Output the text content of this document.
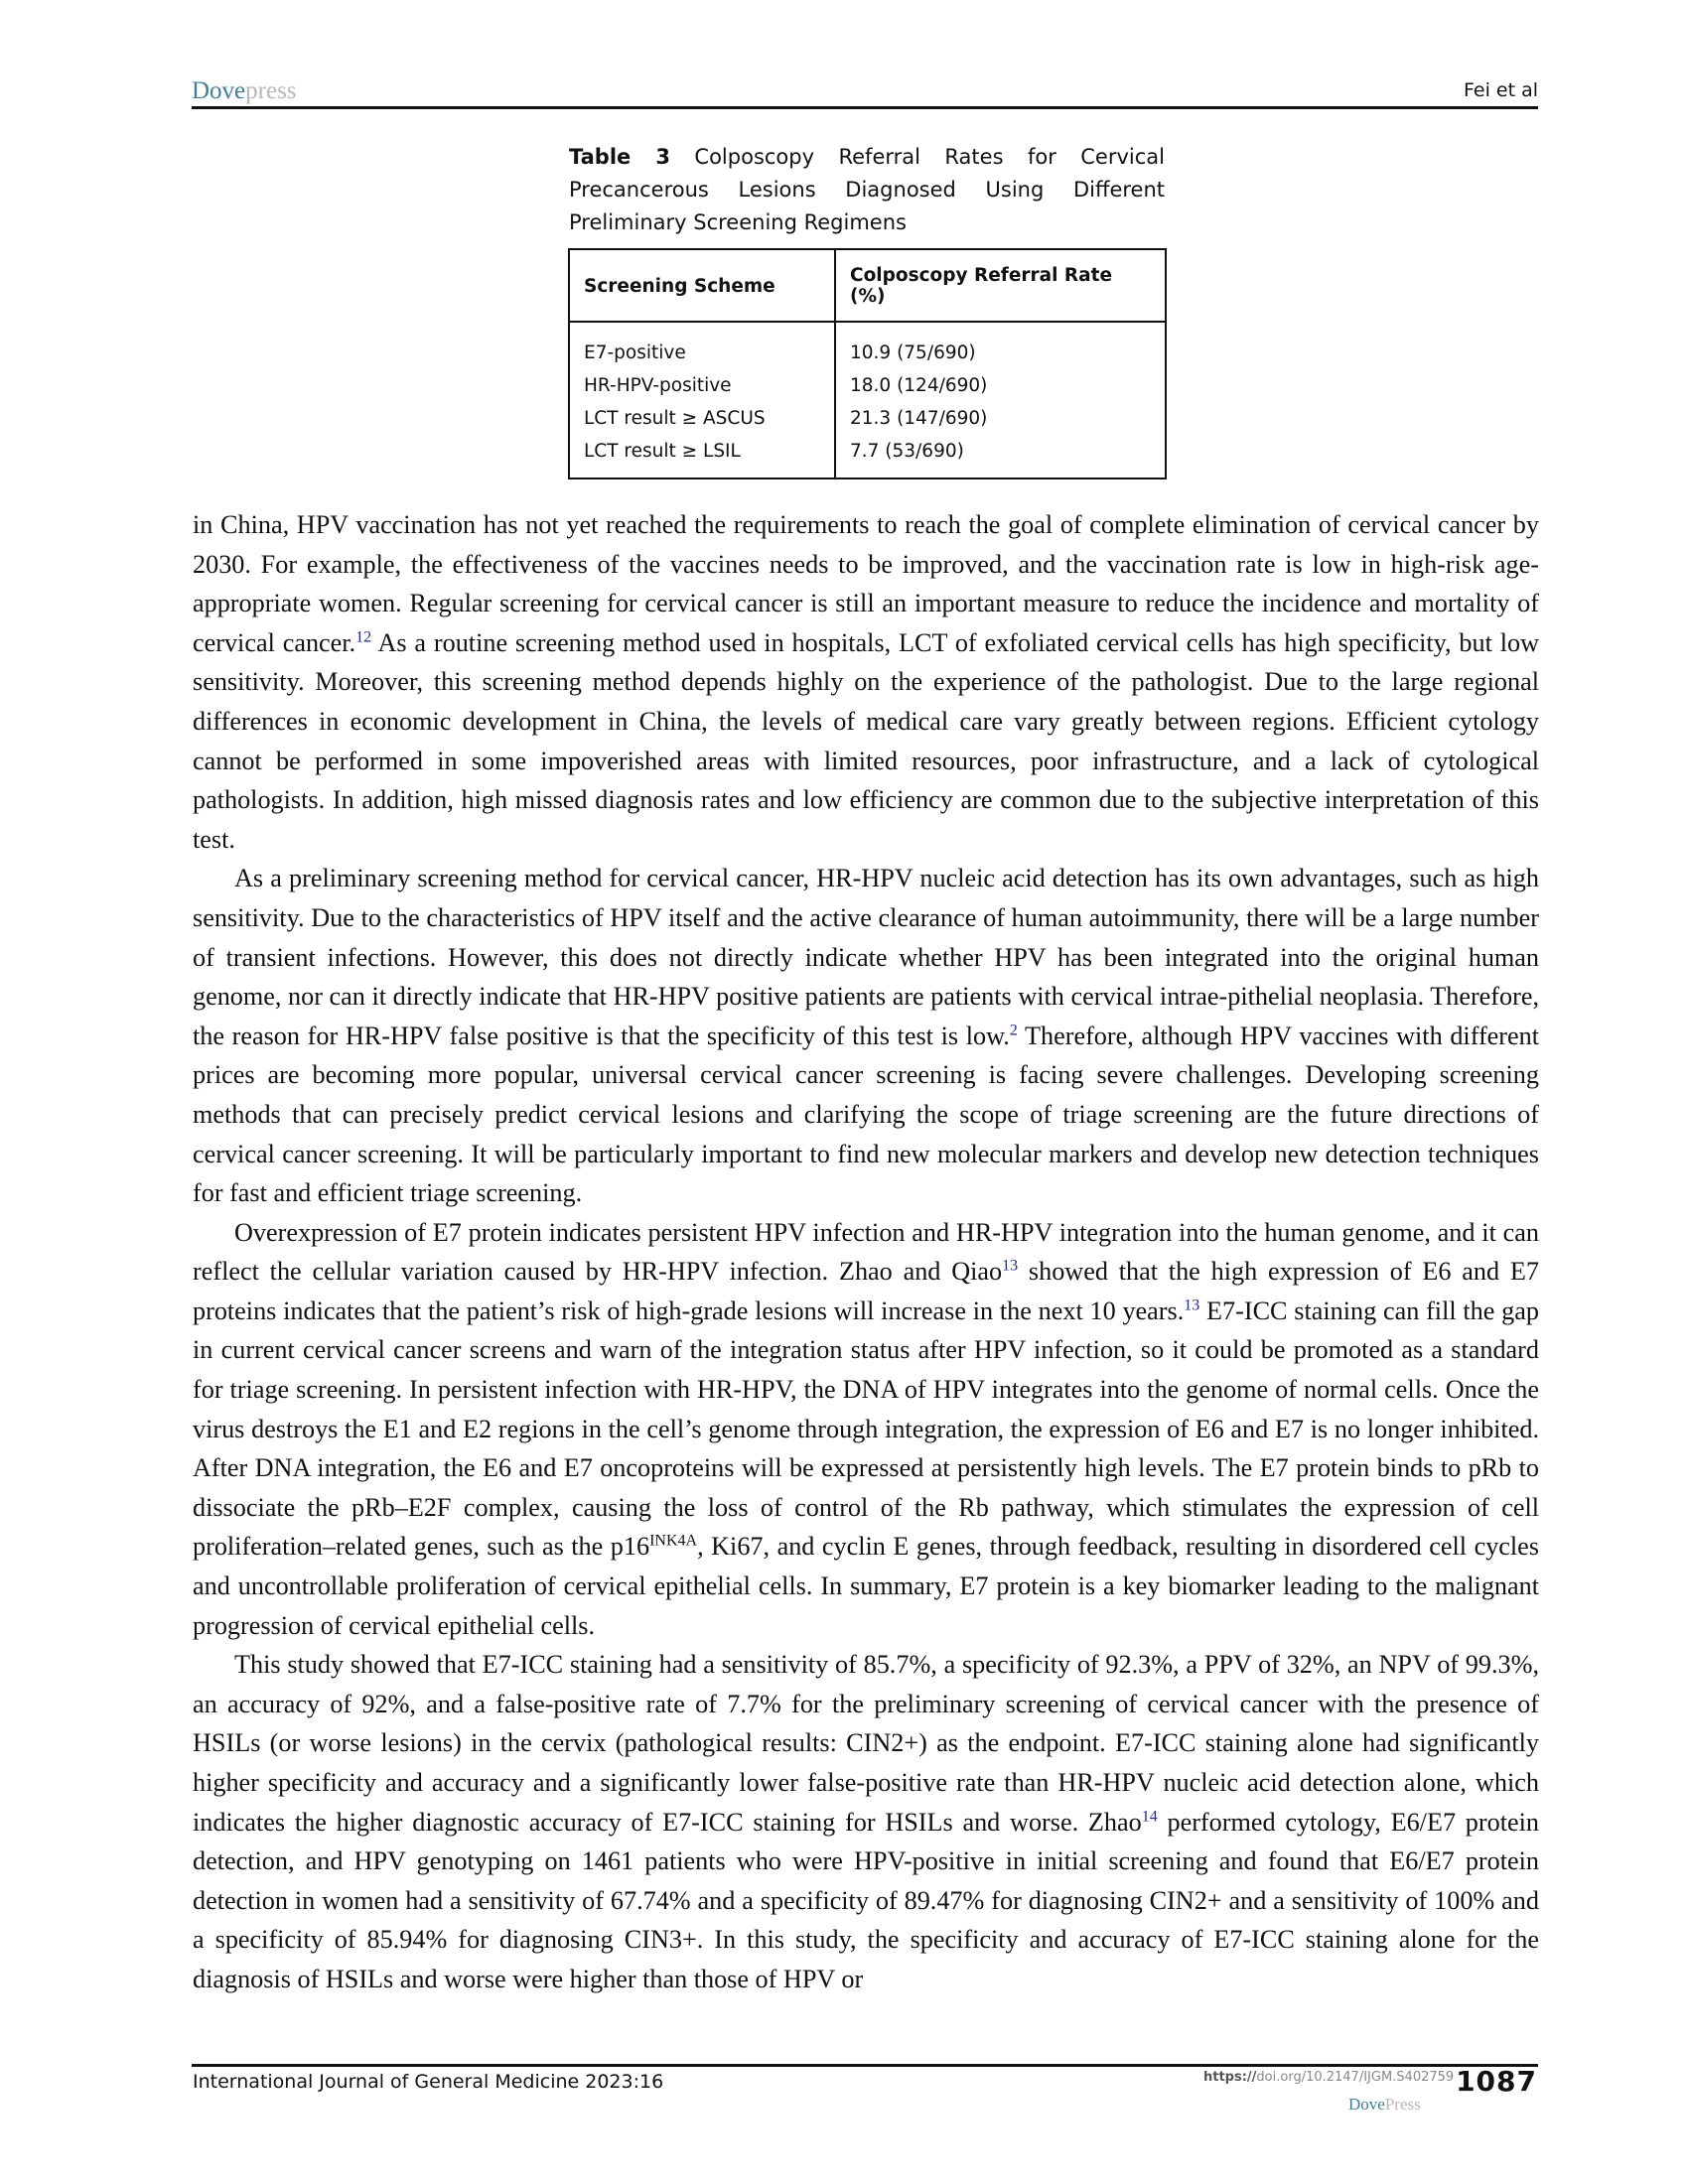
Dovepress	Fei et al
Table 3 Colposcopy Referral Rates for Cervical
Precancerous Lesions Diagnosed Using Different
Preliminary Screening Regimens
Screening Scheme	Colposcopy Referral Rate (%)
E7-positive	10.9 (75/690)
HR-HPV-positive	18.0 (124/690)
LCT result ≥ ASCUS	21.3 (147/690)
LCT result ≥ LSIL	7.7 (53/690)

in China, HPV vaccination has not yet reached the requirements to reach the goal of complete elimination of cervical cancer by 2030. For example, the effectiveness of the vaccines needs to be improved, and the vaccination rate is low in high-risk age-appropriate women. Regular screening for cervical cancer is still an important measure to reduce the incidence and mortality of cervical cancer.$^{12}$ As a routine screening method used in hospitals, LCT of exfoliated cervical cells has high specificity, but low sensitivity. Moreover, this screening method depends highly on the experience of the pathologist. Due to the large regional differences in economic development in China, the levels of medical care vary greatly between regions. Efficient cytology cannot be performed in some impoverished areas with limited resources, poor infrastructure, and a lack of cytological pathologists. In addition, high missed diagnosis rates and low efficiency are common due to the subjective interpretation of this test.

As a preliminary screening method for cervical cancer, HR-HPV nucleic acid detection has its own advantages, such as high sensitivity. Due to the characteristics of HPV itself and the active clearance of human autoimmunity, there will be a large number of transient infections. However, this does not directly indicate whether HPV has been integrated into the original human genome, nor can it directly indicate that HR-HPV positive patients are patients with cervical intrae-pithelial neoplasia. Therefore, the reason for HR-HPV false positive is that the specificity of this test is low.$^2$ Therefore, although HPV vaccines with different prices are becoming more popular, universal cervical cancer screening is facing severe challenges. Developing screening methods that can precisely predict cervical lesions and clarifying the scope of triage screening are the future directions of cervical cancer screening. It will be particularly important to find new molecular markers and develop new detection techniques for fast and efficient triage screening.

Overexpression of E7 protein indicates persistent HPV infection and HR-HPV integration into the human genome, and it can reflect the cellular variation caused by HR-HPV infection. Zhao and Qiao$^{13}$ showed that the high expression of E6 and E7 proteins indicates that the patient’s risk of high-grade lesions will increase in the next 10 years.$^{13}$ E7-ICC staining can fill the gap in current cervical cancer screens and warn of the integration status after HPV infection, so it could be promoted as a standard for triage screening. In persistent infection with HR-HPV, the DNA of HPV integrates into the genome of normal cells. Once the virus destroys the E1 and E2 regions in the cell’s genome through integration, the expression of E6 and E7 is no longer inhibited. After DNA integration, the E6 and E7 oncoproteins will be expressed at persistently high levels. The E7 protein binds to pRb to dissociate the pRb–E2F complex, causing the loss of control of the Rb pathway, which stimulates the expression of cell proliferation–related genes, such as the $p16^{INK4A}$, Ki67, and cyclin E genes, through feedback, resulting in disordered cell cycles and uncontrollable proliferation of cervical epithelial cells. In summary, E7 protein is a key biomarker leading to the malignant progression of cervical epithelial cells.

This study showed that E7-ICC staining had a sensitivity of 85.7%, a specificity of 92.3%, a PPV of 32%, an NPV of 99.3%, an accuracy of 92%, and a false-positive rate of 7.7% for the preliminary screening of cervical cancer with the presence of HSILs (or worse lesions) in the cervix (pathological results: CIN2+) as the endpoint. E7-ICC staining alone had significantly higher specificity and accuracy and a significantly lower false-positive rate than HR-HPV nucleic acid detection alone, which indicates the higher diagnostic accuracy of E7-ICC staining for HSILs and worse. Zhao$^{14}$ performed cytology, E6/E7 protein detection, and HPV genotyping on 1461 patients who were HPV-positive in initial screening and found that E6/E7 protein detection in women had a sensitivity of 67.74% and a specificity of 89.47% for diagnosing CIN2+ and a sensitivity of 100% and a specificity of 85.94% for diagnosing CIN3+. In this study, the specificity and accuracy of E7-ICC staining alone for the diagnosis of HSILs and worse were higher than those of HPV or

International Journal of General Medicine 2023:16	https://doi.org/10.2147/IJGM.S402759 1087
DovePress
